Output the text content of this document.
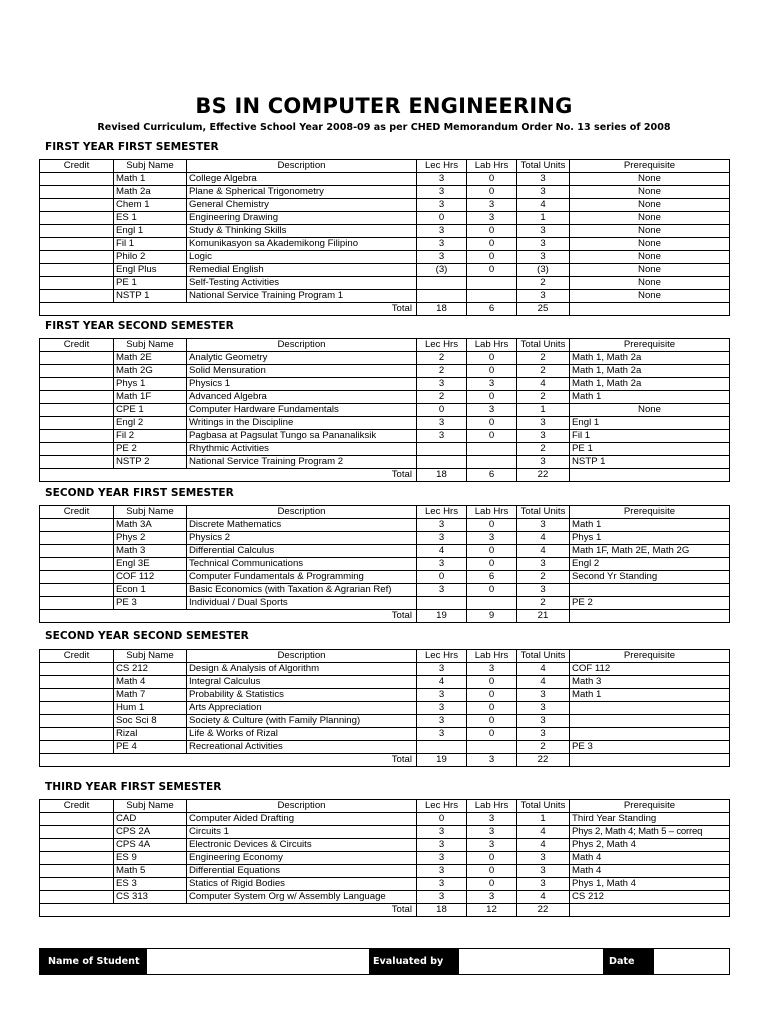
BS IN COMPUTER ENGINEERING
Revised Curriculum, Effective School Year 2008-09 as per CHED Memorandum Order No. 13 series of 2008
FIRST YEAR FIRST SEMESTER
Credit	Subj Name	Description	Lec Hrs	Lab Hrs	Total Units	Prerequisite
	Math 1	College Algebra	3	0	3	None
	Math 2a	Plane & Spherical Trigonometry	3	0	3	None
	Chem 1	General Chemistry	3	3	4	None
	ES 1	Engineering Drawing	0	3	1	None
	Engl 1	Study & Thinking Skills	3	0	3	None
	Fil 1	Komunikasyon sa Akademikong Filipino	3	0	3	None
	Philo 2	Logic	3	0	3	None
	Engl Plus	Remedial English	(3)	0	(3)	None
	PE 1	Self-Testing Activities			2	None
	NSTP 1	National Service Training Program 1			3	None
Total			18	6	25	
FIRST YEAR SECOND SEMESTER
Credit	Subj Name	Description	Lec Hrs	Lab Hrs	Total Units	Prerequisite
	Math 2E	Analytic Geometry	2	0	2	Math 1, Math 2a
	Math 2G	Solid Mensuration	2	0	2	Math 1, Math 2a
	Phys 1	Physics 1	3	3	4	Math 1, Math 2a
	Math 1F	Advanced Algebra	2	0	2	Math 1
	CPE 1	Computer Hardware Fundamentals	0	3	1	None
	Engl 2	Writings in the Discipline	3	0	3	Engl 1
	Fil 2	Pagbasa at Pagsulat Tungo sa Pananaliksik	3	0	3	Fil 1
	PE 2	Rhythmic Activities			2	PE 1
	NSTP 2	National Service Training Program 2			3	NSTP 1
Total			18	6	22	
SECOND YEAR FIRST SEMESTER
Credit	Subj Name	Description	Lec Hrs	Lab Hrs	Total Units	Prerequisite
	Math 3A	Discrete Mathematics	3	0	3	Math 1
	Phys 2	Physics 2	3	3	4	Phys 1
	Math 3	Differential Calculus	4	0	4	Math 1F, Math 2E, Math 2G
	Engl 3E	Technical Communications	3	0	3	Engl 2
	COF 112	Computer Fundamentals & Programming	0	6	2	Second Yr Standing
	Econ 1	Basic Economics (with Taxation & Agrarian Ref)	3	0	3	
	PE 3	Individual / Dual Sports			2	PE 2
Total			19	9	21	
SECOND YEAR SECOND SEMESTER
Credit	Subj Name	Description	Lec Hrs	Lab Hrs	Total Units	Prerequisite
	CS 212	Design & Analysis of Algorithm	3	3	4	COF 112
	Math 4	Integral Calculus	4	0	4	Math 3
	Math 7	Probability & Statistics	3	0	3	Math 1
	Hum 1	Arts Appreciation	3	0	3	
	Soc Sci 8	Society & Culture (with Family Planning)	3	0	3	
	Rizal	Life & Works of Rizal	3	0	3	
	PE 4	Recreational Activities			2	PE 3
Total			19	3	22	
THIRD YEAR FIRST SEMESTER
Credit	Subj Name	Description	Lec Hrs	Lab Hrs	Total Units	Prerequisite
	CAD	Computer Aided Drafting	0	3	1	Third Year Standing
	CPS 2A	Circuits 1	3	3	4	Phys 2, Math 4; Math 5 – correq
	CPS 4A	Electronic Devices & Circuits	3	3	4	Phys 2, Math 4
	ES 9	Engineering Economy	3	0	3	Math 4
	Math 5	Differential Equations	3	0	3	Math 4
	ES 3	Statics of Rigid Bodies	3	0	3	Phys 1, Math 4
	CS 313	Computer System Org w/ Assembly Language	3	3	4	CS 212
Total			18	12	22	
Name of Student	Evaluated by	Date
